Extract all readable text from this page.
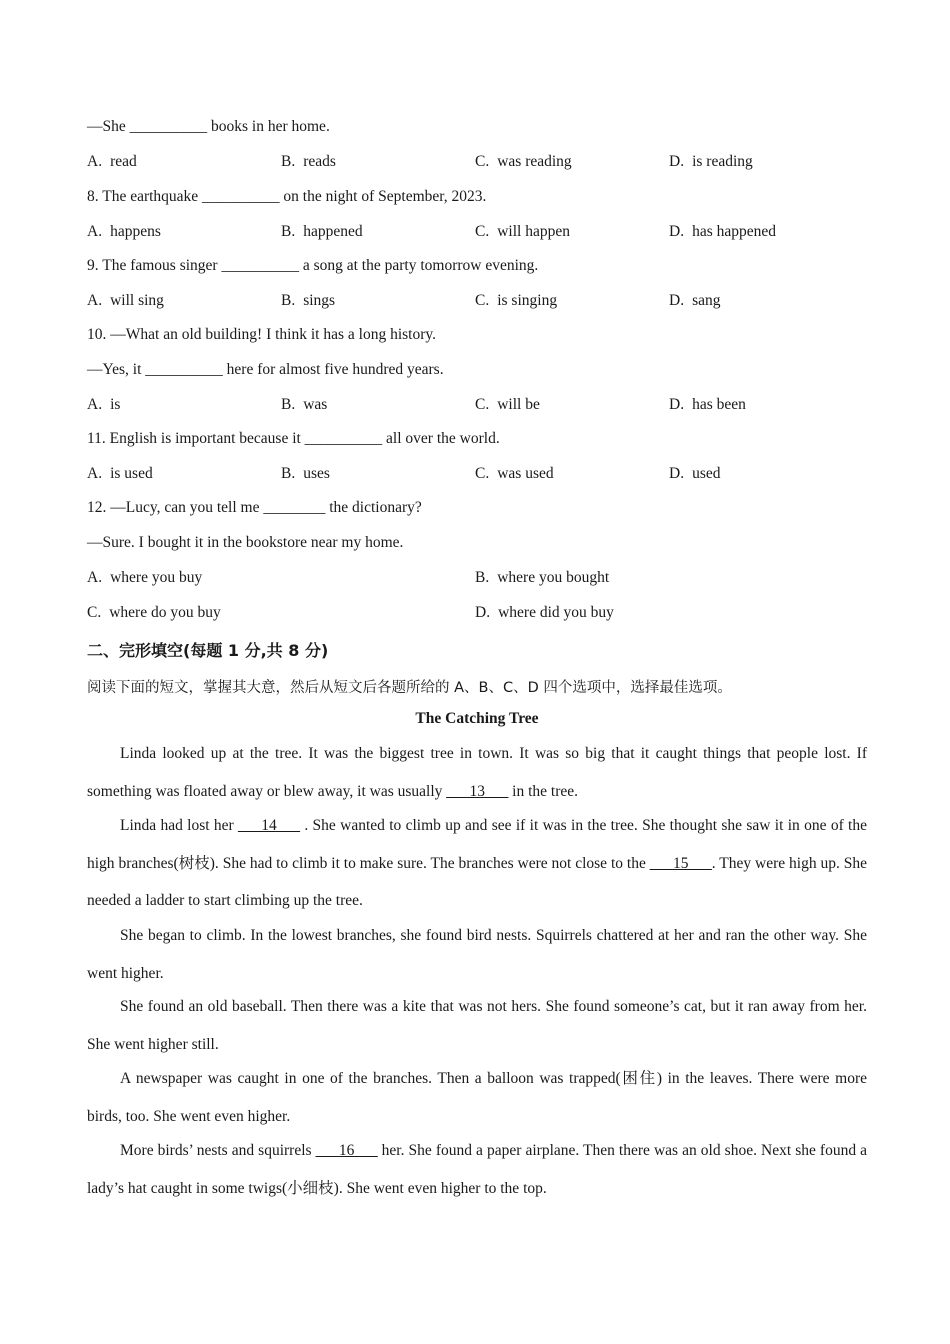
—She __________ books in her home.
A. read	B. reads	C. was reading	D. is reading
8. The earthquake __________ on the night of September, 2023.
A. happens	B. happened	C. will happen	D. has happened
9. The famous singer __________ a song at the party tomorrow evening.
A. will sing	B. sings	C. is singing	D. sang
10. —What an old building! I think it has a long history.
—Yes, it __________ here for almost five hundred years.
A. is	B. was	C. will be	D. has been
11. English is important because it __________ all over the world.
A. is used	B. uses	C. was used	D. used
12. —Lucy, can you tell me ________ the dictionary?
—Sure. I bought it in the bookstore near my home.
A. where you buy	B. where you bought
C. where do you buy	D. where did you buy
二、完形填空(每题 1 分,共 8 分)
阅读下面的短文，掌握其大意，然后从短文后各题所给的 A、B、C、D 四个选项中，选择最佳选项。
The Catching Tree
Linda looked up at the tree. It was the biggest tree in town. It was so big that it caught things that people lost. If something was floated away or blew away, it was usually ___13___ in the tree.
Linda had lost her ___14___ . She wanted to climb up and see if it was in the tree. She thought she saw it in one of the high branches(树枝). She had to climb it to make sure. The branches were not close to the ___15___. They were high up. She needed a ladder to start climbing up the tree.
She began to climb. In the lowest branches, she found bird nests. Squirrels chattered at her and ran the other way. She went higher.
She found an old baseball. Then there was a kite that was not hers. She found someone’s cat, but it ran away from her. She went higher still.
A newspaper was caught in one of the branches. Then a balloon was trapped(困住) in the leaves. There were more birds, too. She went even higher.
More birds’ nests and squirrels ___16___ her. She found a paper airplane. Then there was an old shoe. Next she found a lady’s hat caught in some twigs(小细枝). She went even higher to the top.
